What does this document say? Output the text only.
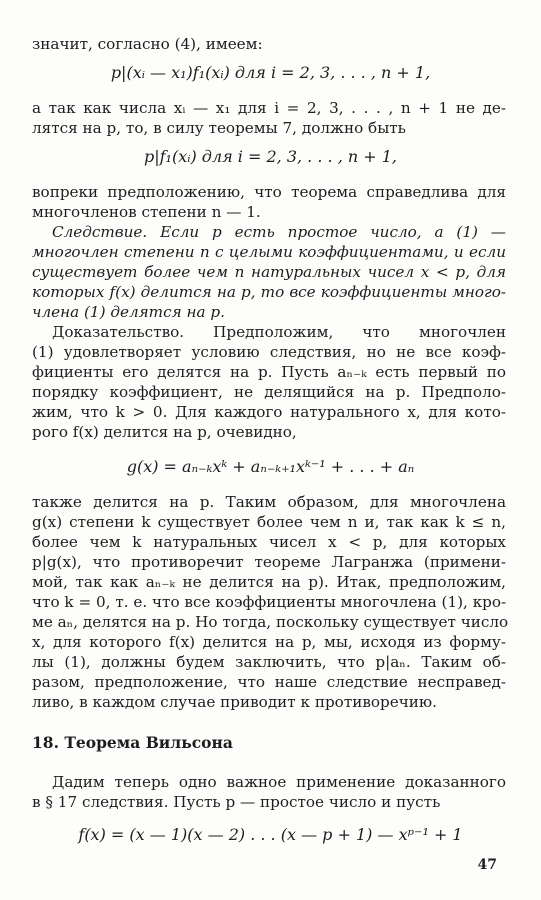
значит, согласно (4), имеем:

p|(xᵢ — x₁)f₁(xᵢ) для i = 2, 3, . . . , n + 1,

а так как числа xᵢ — x₁ для i = 2, 3, . . . , n + 1 не де-

лятся на p, то, в силу теоремы 7, должно быть

p|f₁(xᵢ) для i = 2, 3, . . . , n + 1,

вопреки предположению, что теорема справедлива для

многочленов степени n — 1.

Следствие. Если p есть простое число, а (1) —

многочлен степени n с целыми коэффициентами, и если

существует более чем n натуральных чисел x < p, для

которых f(x) делится на p, то все коэффициенты много-

члена (1) делятся на p.

Доказательство. Предположим, что многочлен

(1) удовлетворяет условию следствия, но не все коэф-

фициенты его делятся на p. Пусть aₙ₋ₖ есть первый по

порядку коэффициент, не делящийся на p. Предполо-

жим, что k > 0. Для каждого натурального x, для кото-

рого f(x) делится на p, очевидно,

g(x) = aₙ₋ₖxᵏ + aₙ₋ₖ₊₁xᵏ⁻¹ + . . . + aₙ

также делится на p. Таким образом, для многочлена

g(x) степени k существует более чем n и, так как k ≤ n,

более чем k натуральных чисел x < p, для которых

p|g(x), что противоречит теореме Лагранжа (примени-

мой, так как aₙ₋ₖ не делится на p). Итак, предположим,

что k = 0, т. е. что все коэффициенты многочлена (1), кро-

ме aₙ, делятся на p. Но тогда, поскольку существует число

x, для которого f(x) делится на p, мы, исходя из форму-

лы (1), должны будем заключить, что p|aₙ. Таким об-

разом, предположение, что наше следствие несправед-

ливо, в каждом случае приводит к противоречию.

18. Теорема Вильсона

Дадим теперь одно важное применение доказанного

в § 17 следствия. Пусть p — простое число и пусть

f(x) = (x — 1)(x — 2) . . . (x — p + 1) — xᵖ⁻¹ + 1

47
